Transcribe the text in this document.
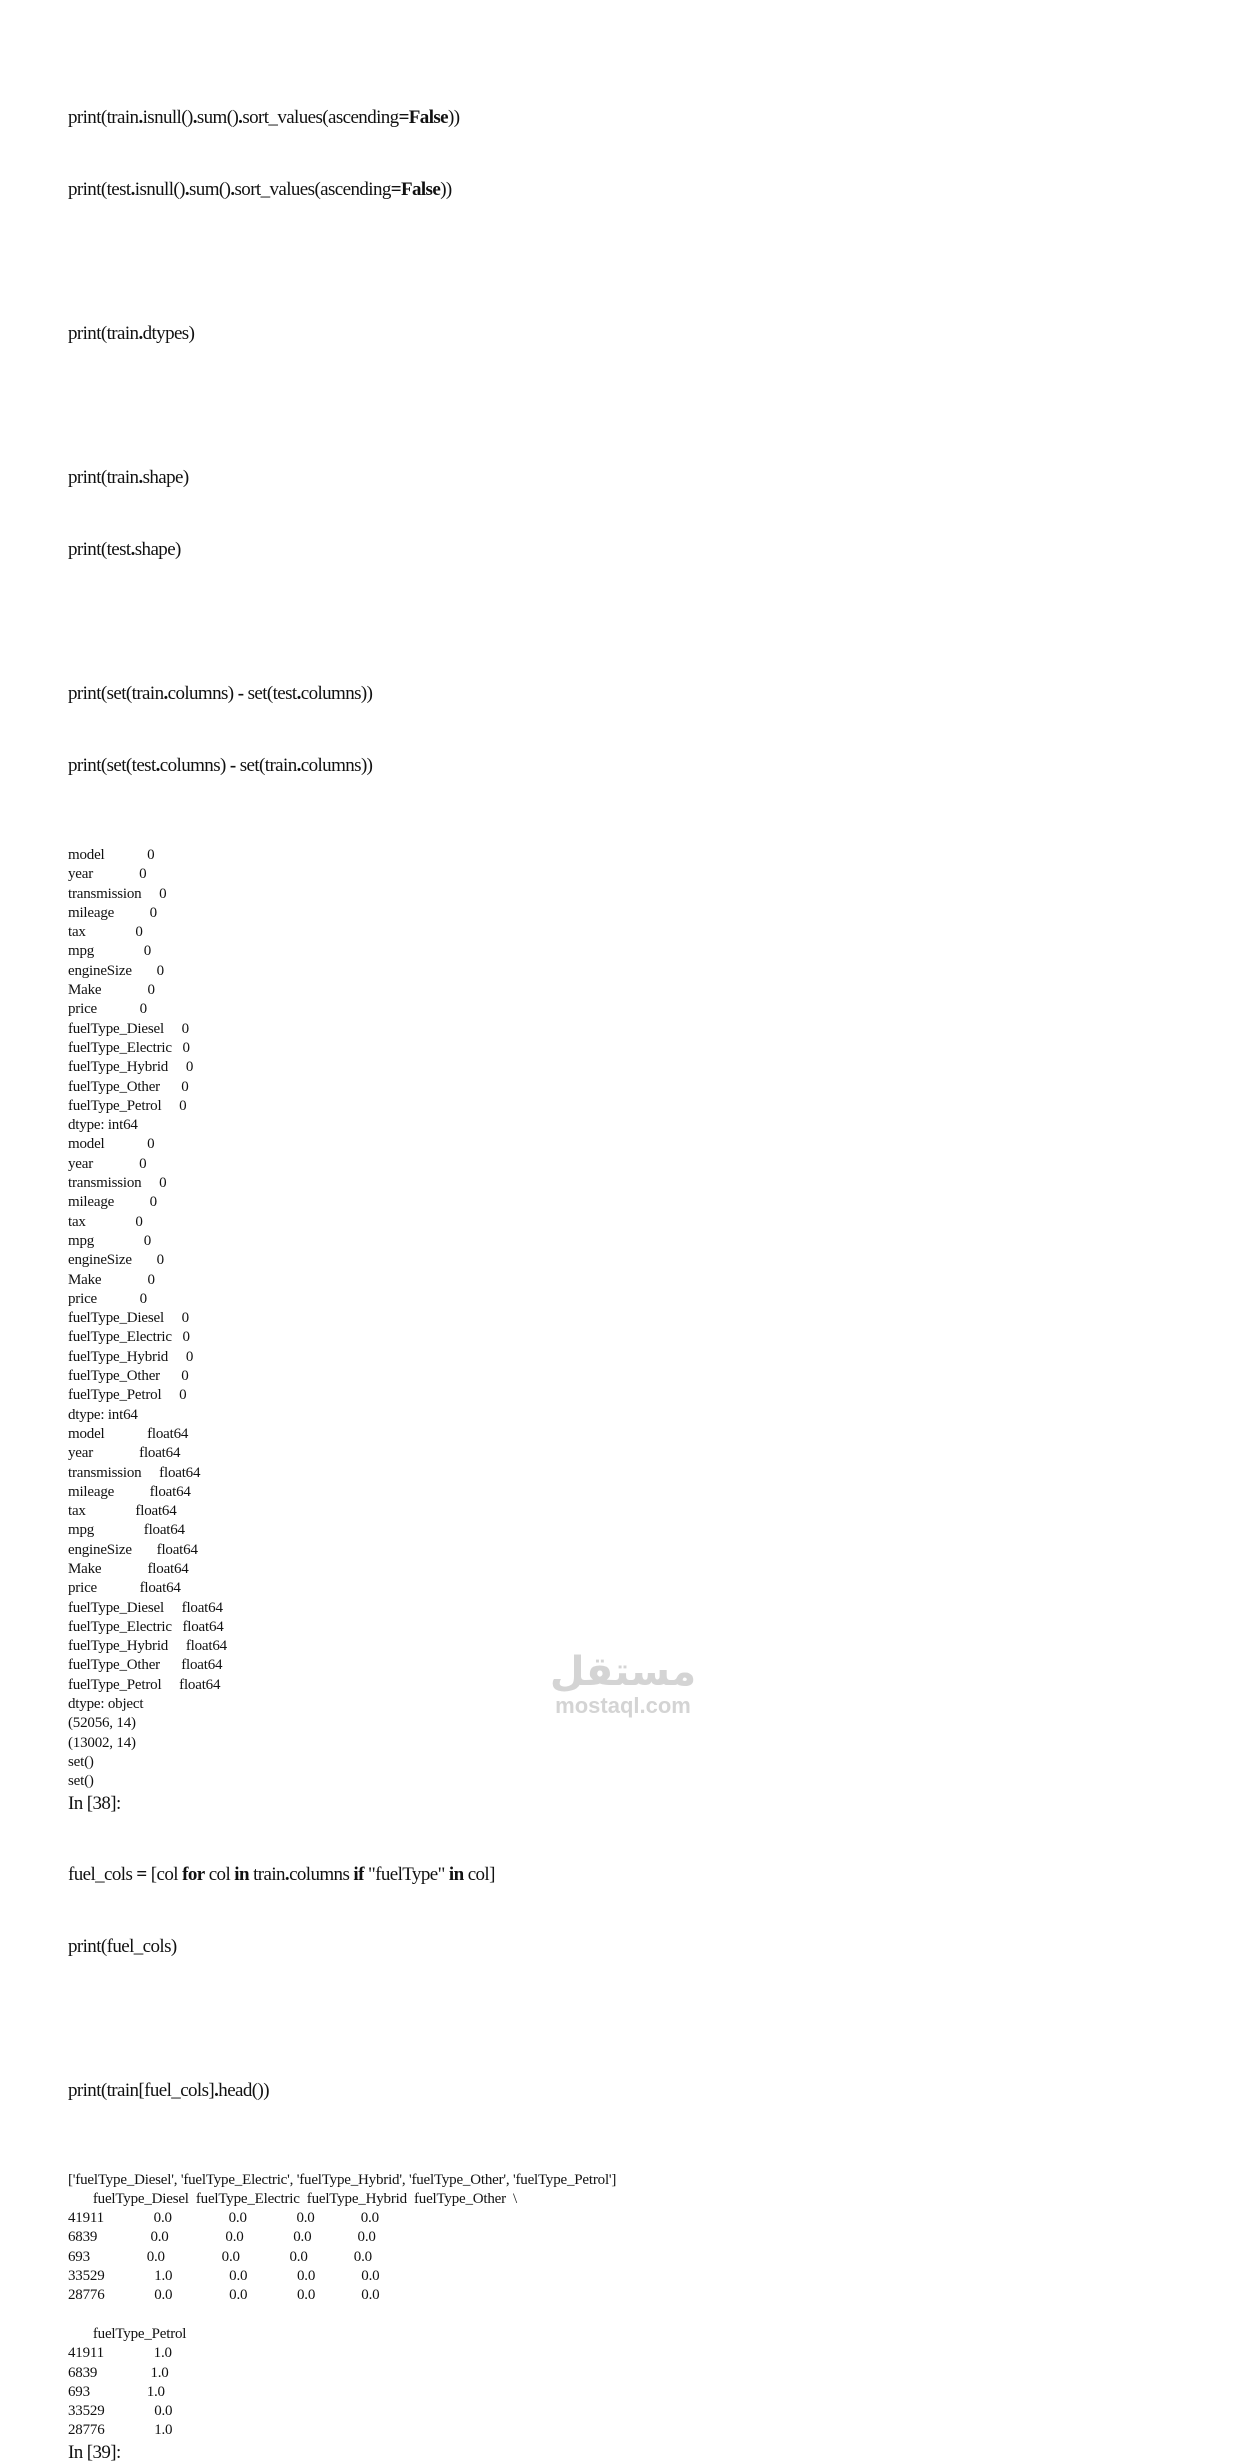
print(train.isnull().sum().sort_values(ascending=False))

print(test.isnull().sum().sort_values(ascending=False))

print(train.dtypes)

print(train.shape)

print(test.shape)

print(set(train.columns) - set(test.columns))

print(set(test.columns) - set(train.columns))

model            0
year             0
transmission     0
mileage          0
tax              0
mpg              0
engineSize       0
Make             0
price            0
fuelType_Diesel     0
fuelType_Electric   0
fuelType_Hybrid     0
fuelType_Other      0
fuelType_Petrol     0
dtype: int64
model            0
year             0
transmission     0
mileage          0
tax              0
mpg              0
engineSize       0
Make             0
price            0
fuelType_Diesel     0
fuelType_Electric   0
fuelType_Hybrid     0
fuelType_Other      0
fuelType_Petrol     0
dtype: int64
model            float64
year             float64
transmission     float64
mileage          float64
tax              float64
mpg              float64
engineSize       float64
Make             float64
price            float64
fuelType_Diesel     float64
fuelType_Electric   float64
fuelType_Hybrid     float64
fuelType_Other      float64
fuelType_Petrol     float64
dtype: object
(52056, 14)
(13002, 14)
set()
set()
In [38]:

fuel_cols = [col for col in train.columns if "fuelType" in col]

print(fuel_cols)

print(train[fuel_cols].head())

['fuelType_Diesel', 'fuelType_Electric', 'fuelType_Hybrid', 'fuelType_Other', 'fuelType_Petrol']
fuelType_Diesel  fuelType_Electric  fuelType_Hybrid  fuelType_Other  \
41911              0.0                0.0              0.0             0.0
6839               0.0                0.0              0.0             0.0
693                0.0                0.0              0.0             0.0
33529              1.0                0.0              0.0             0.0
28776              0.0                0.0              0.0             0.0

fuelType_Petrol
41911              1.0
6839               1.0
693                1.0
33529              0.0
28776              1.0
In [39]:
مستقل
mostaql.com
